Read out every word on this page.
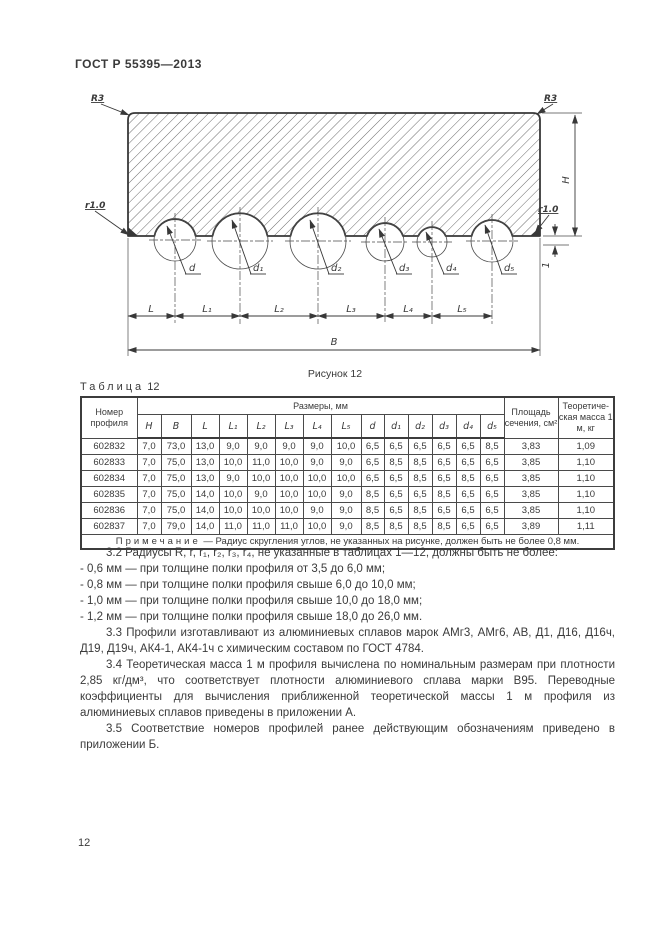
ГОСТ Р 55395—2013
R3	R3
r1.0	r1.0
H
1
L	L₁	L₂	L₃	L₄	L₅
B
d	d₁	d₂	d₃	d₄	d₅
Рисунок 12
Таблица 12
Номер профиля	Размеры, мм														Площадь сечения, см²	Теоретиче-ская масса 1 м, кг
	H	B	L	L₁	L₂	L₃	L₄	L₅	d	d₁	d₂	d₃	d₄	d₅		
602832	7,0	73,0	13,0	9,0	9,0	9,0	9,0	10,0	6,5	6,5	6,5	6,5	6,5	8,5	3,83	1,09
602833	7,0	75,0	13,0	10,0	11,0	10,0	9,0	9,0	6,5	8,5	8,5	6,5	6,5	6,5	3,85	1,10
602834	7,0	75,0	13,0	9,0	10,0	10,0	10,0	10,0	6,5	6,5	8,5	6,5	8,5	6,5	3,85	1,10
602835	7,0	75,0	14,0	10,0	9,0	10,0	10,0	9,0	8,5	6,5	6,5	8,5	6,5	6,5	3,85	1,10
602836	7,0	75,0	14,0	10,0	10,0	10,0	9,0	9,0	8,5	6,5	8,5	6,5	6,5	6,5	3,85	1,10
602837	7,0	79,0	14,0	11,0	11,0	11,0	10,0	9,0	8,5	8,5	8,5	8,5	6,5	6,5	3,89	1,11
Примечание — Радиус скругления углов, не указанных на рисунке, должен быть не более 0,8 мм.																

3.2 Радиусы R, r, r₁, r₂, r₃, r₄, не указанные в таблицах 1—12, должны быть не более:

- 0,6 мм — при толщине полки профиля от 3,5 до 6,0 мм;

- 0,8 мм — при толщине полки профиля свыше 6,0 до 10,0 мм;

- 1,0 мм — при толщине полки профиля свыше 10,0 до 18,0 мм;

- 1,2 мм — при толщине полки профиля свыше 18,0 до 26,0 мм.

3.3 Профили изготавливают из алюминиевых сплавов марок АМг3, АМг6, АВ, Д1, Д16, Д16ч, Д19, Д19ч, АК4-1, АК4-1ч с химическим составом по ГОСТ 4784.

3.4 Теоретическая масса 1 м профиля вычислена по номинальным размерам при плотности 2,85 кг/дм³, что соответствует плотности алюминиевого сплава марки В95. Переводные коэффициенты для вычисления приближенной теоретической массы 1 м профиля из алюминиевых сплавов приведены в приложении А.

3.5 Соответствие номеров профилей ранее действующим обозначениям приведено в приложении Б.

12
